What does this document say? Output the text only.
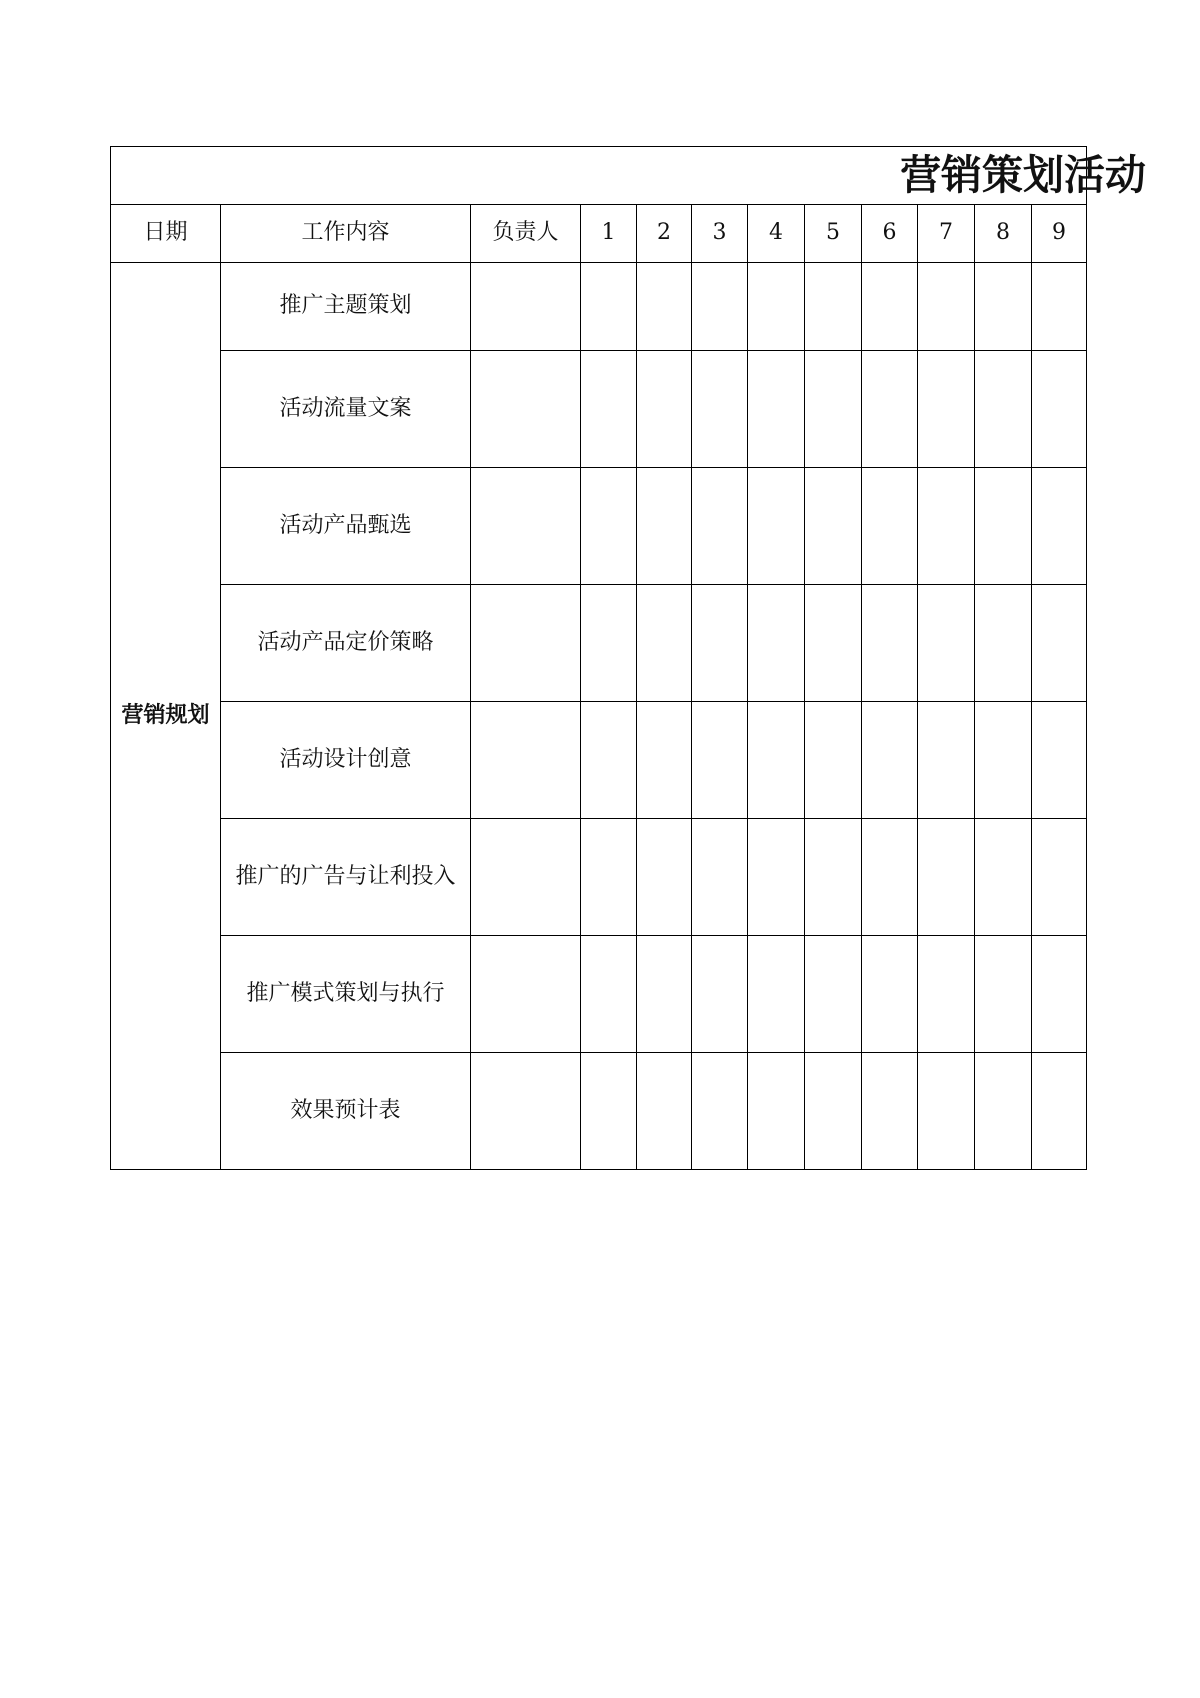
营销策划活动											
日期	工作内容	负责人	1	2	3	4	5	6	7	8	9
营销规划	推广主题策划										
	活动流量文案										
	活动产品甄选										
	活动产品定价策略										
	活动设计创意										
	推广的广告与让利投入										
	推广模式策划与执行										
	效果预计表										
